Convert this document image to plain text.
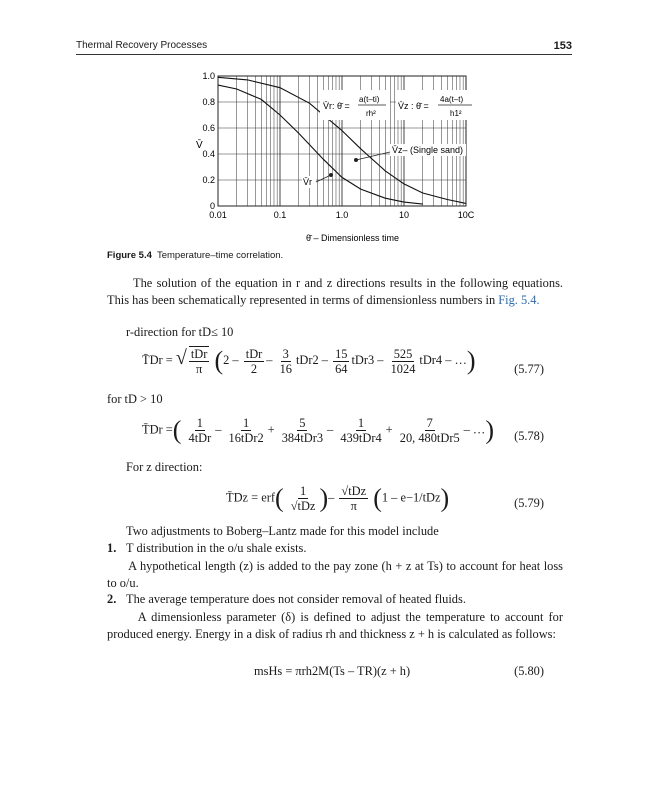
Thermal Recovery Processes	153
0
0.2
0.4
0.6
0.8
1.0
0.01	0.1	1.0	10	10C
V̄
θ̄ – Dimensionless time
V̄r: θ̄ =
a(t–ti)
rh²
V̄z : θ̄ =
4a(t–t)
h1²
V̄z– (Single sand)
V̄r
Figure 5.4 Temperature–time correlation.
The solution of the equation in r and z directions results in the following equations. This has been schematically represented in terms of dimensionless numbers in Fig. 5.4.
r-direction for tD≤ 10
T̄Dr = √ $\frac{\text{tDr}}{\pi} (2 - \frac{\text{tDr}}{2} - \frac{3}{16} tDr2 - \frac{15}{64} tDr3 - \frac{525}{1024} tDr4$ – …)	(5.77)
for tD > 10
T̄Dr =( $\frac{1}{\text{4tDr}} - \frac{1}{\text{16tDr2}} + \frac{5}{\text{384tDr3}} - \frac{1}{\text{439tDr4}} + \frac{7}{\text{20, 480tDr5}}$ – …) (5.78)
For z direction:
T̄Dz = $erf( \frac{1}{\text{√tDz}}$ )– $\frac{\text{√tDz}}{\pi} (1 - e-1/tDz)$	(5.79)
Two adjustments to Boberg–Lantz made for this model include
1. T distribution in the o/u shale exists.
A hypothetical length (z) is added to the pay zone (h + z at Ts) to account for heat loss to o/u.
2. The average temperature does not consider removal of heated fluids.
A dimensionless parameter (δ) is defined to adjust the temperature to account for produced energy. Energy in a disk of radius rh and thickness z + h is calculated as follows:
msHs = πrh2M(Ts – TR)(z + h)	(5.80)
